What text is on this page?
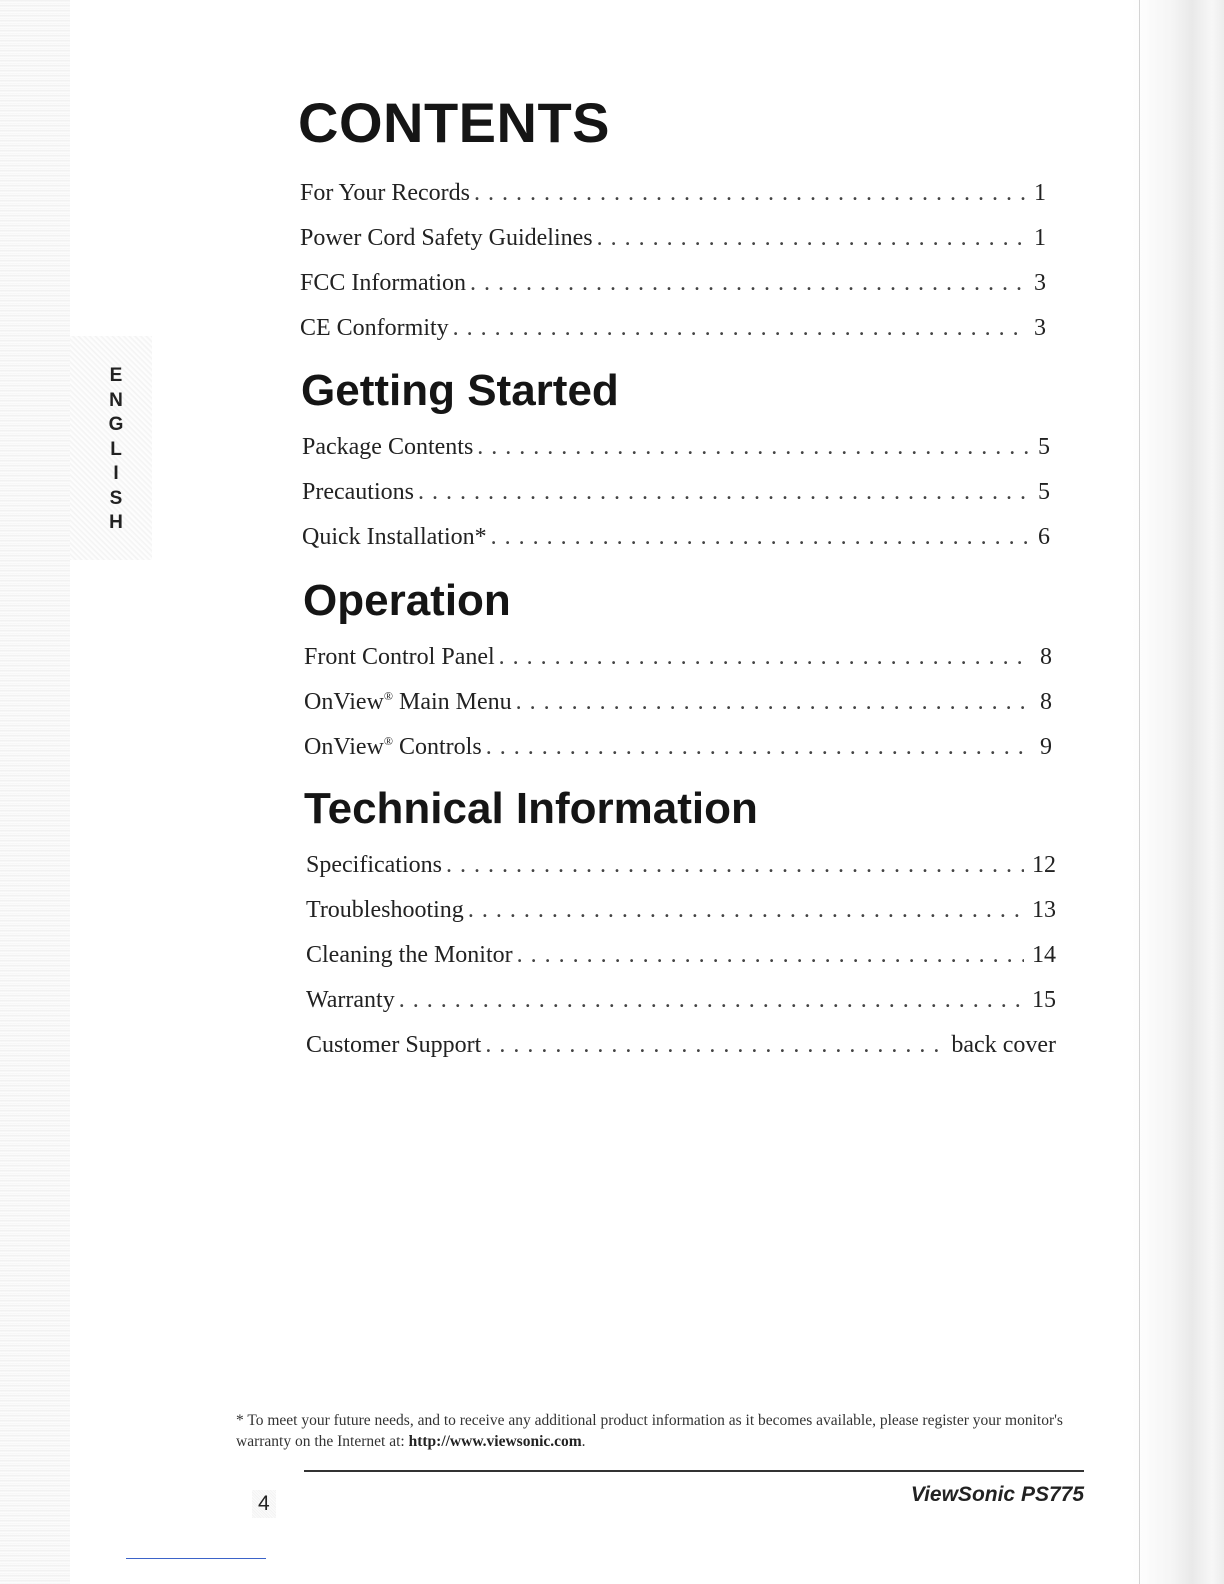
E
N
G
L
I
S
H
CONTENTS
For Your Records . . .	1
Power Cord Safety Guidelines . . .	1
FCC Information . . .	3
CE Conformity . . .	3
Getting Started
Package Contents . . .	5
Precautions . . .	5
Quick Installation* . . .	6
Operation
Front Control Panel . . .	8
OnView® Main Menu . . .	8
OnView® Controls . . .	9
Technical Information
Specifications . . .	12
Troubleshooting . . .	13
Cleaning the Monitor . . .	14
Warranty . . .	15
Customer Support . . .	back cover

* To meet your future needs, and to receive any additional product information as it becomes available, please register your monitor's warranty on the Internet at: http://www.viewsonic.com.

4	ViewSonic PS775
